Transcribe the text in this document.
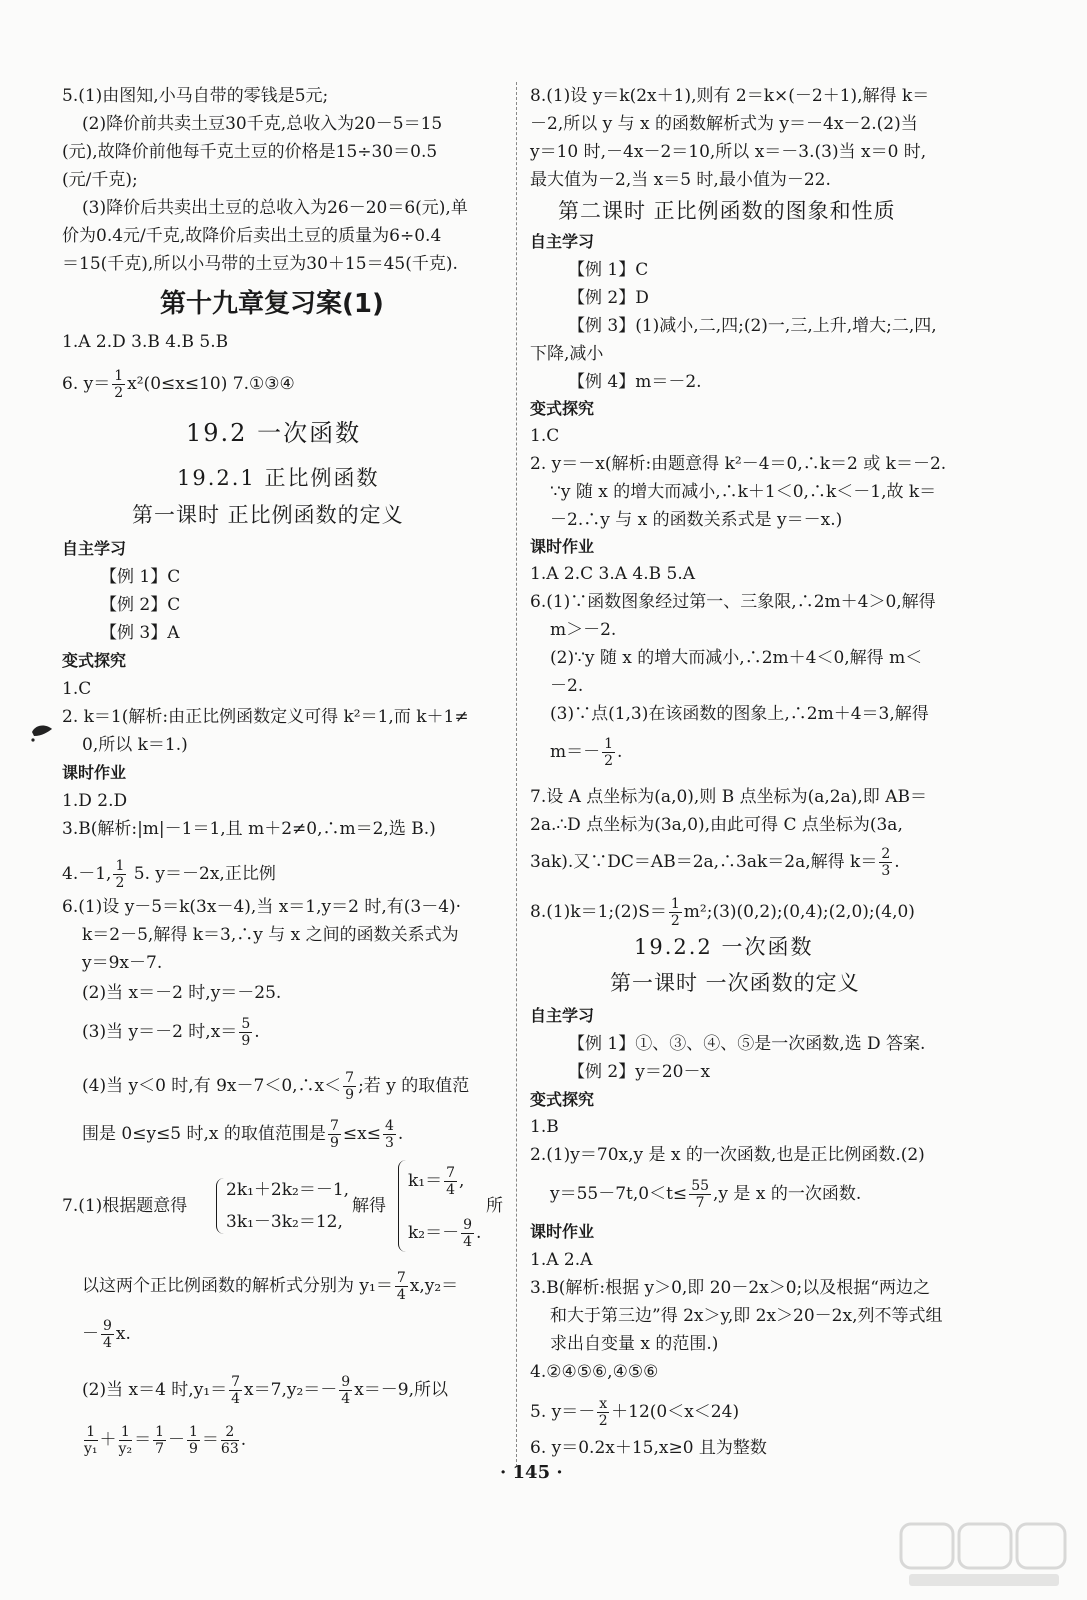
5.(1)由图知,小马自带的零钱是5元;
(2)降价前共卖土豆30千克,总收入为20－5＝15
(元),故降价前他每千克土豆的价格是15÷30＝0.5
(元/千克);
(3)降价后共卖出土豆的总收入为26－20＝6(元),单
价为0.4元/千克,故降价后卖出土豆的质量为6÷0.4
＝15(千克),所以小马带的土豆为30＋15＝45(千克).
第十九章复习案(1)
1.A 2.D 3.B 4.B 5.B
6. $y= \frac{1}{2} x^2(0\le x\le 10)$ 7.①③④
19.2 一次函数
19.2.1 正比例函数
第一课时 正比例函数的定义
自主学习
【例 1】C
【例 2】C
【例 3】A
变式探究
1.C
2. k＝1(解析:由正比例函数定义可得 k²＝1,而 k＋1≠
0,所以 k＝1.)
课时作业
1.D 2.D
3.B(解析:|m|－1＝1,且 m＋2≠0,∴m＝2,选 B.)
4.－1, $\frac{1}{2} 5$. y＝－2x,正比例
6.(1)设 y－5＝k(3x－4),当 x＝1,y＝2 时,有(3－4)·
k＝2－5,解得 k＝3,∴y 与 x 之间的函数关系式为
y＝9x－7.
(2)当 x＝－2 时,y＝－25.
(3)当 y＝－2 时$,x= \frac{5}{9}$ .
(4)当 y＜0 时,有 9x－7＜0,∴x＜ $\frac{7}{9}$ ;若 y 的取值范
围是 0≤y≤5 时,x 的取值范围是 $\frac{7}{9} \le x\le \frac{4}{3}$ .
7.(1)根据题意得
2k₁＋2k₂＝－1,
3k₁－3k₂＝12,
解得
$k_1= \frac{7}{4}$ ,
$k_2=- \frac{9}{4}$ .
所
以这两个正比例函数的解析式分别为 $y_1= \frac{7}{4} x,y_2=$
－ $\frac{9}{4} x$.
(2)当 x＝4 时$,y_1= \frac{7}{4} x=7,y_2=- \frac{9}{4} x=-9$,所以
$\frac{1}{\text{y₁}} + \frac{1}{\text{y₂}} = \frac{1}{7} - \frac{1}{9} = \frac{2}{63}$ .
8.(1)设 y＝k(2x＋1),则有 2＝k×(－2＋1),解得 k＝
－2,所以 y 与 x 的函数解析式为 y＝－4x－2.(2)当
y＝10 时,－4x－2＝10,所以 x＝－3.(3)当 x＝0 时,
最大值为－2,当 x＝5 时,最小值为－22.
第二课时 正比例函数的图象和性质
自主学习
【例 1】C
【例 2】D
【例 3】(1)减小,二,四;(2)一,三,上升,增大;二,四,
下降,减小
【例 4】m＝－2.
变式探究
1.C
2. y＝－x(解析:由题意得 k²－4＝0,∴k＝2 或 k＝－2.
∵y 随 x 的增大而减小,∴k＋1＜0,∴k＜－1,故 k＝
－2.∴y 与 x 的函数关系式是 y＝－x.)
课时作业
1.A 2.C 3.A 4.B 5.A
6.(1)∵函数图象经过第一、三象限,∴2m＋4＞0,解得
m＞－2.
(2)∵y 随 x 的增大而减小,∴2m＋4＜0,解得 m＜
－2.
(3)∵点(1,3)在该函数的图象上,∴2m＋4＝3,解得
$m=- \frac{1}{2}$ .
7.设 A 点坐标为(a,0),则 B 点坐标为(a,2a),即 AB＝
2a.∴D 点坐标为(3a,0),由此可得 C 点坐标为(3a,
3ak).又∵DC＝AB＝2a,∴3ak＝2a,解得 $k= \frac{2}{3}$ .
8.(1)k＝1;(2)S＝ $\frac{1}{2}$ m²;(3)(0,2);(0,4);(2,0);(4,0)
19.2.2 一次函数
第一课时 一次函数的定义
自主学习
【例 1】①、③、④、⑤是一次函数,选 D 答案.
【例 2】y＝20－x
变式探究
1.B
2.(1)y＝70x,y 是 x 的一次函数,也是正比例函数.(2)
$y=55-7t,0<t\le \frac{55}{7} ,y$ 是 x 的一次函数.
课时作业
1.A 2.A
3.B(解析:根据 y＞0,即 20－2x＞0;以及根据“两边之
和大于第三边”得 2x＞y,即 2x＞20－2x,列不等式组
求出自变量 x 的范围.)
4.②④⑤⑥,④⑤⑥
5. $y=- \frac{x}{2} +12(0<x<24)$
6. y＝0.2x＋15,x≥0 且为整数
· 145 ·
